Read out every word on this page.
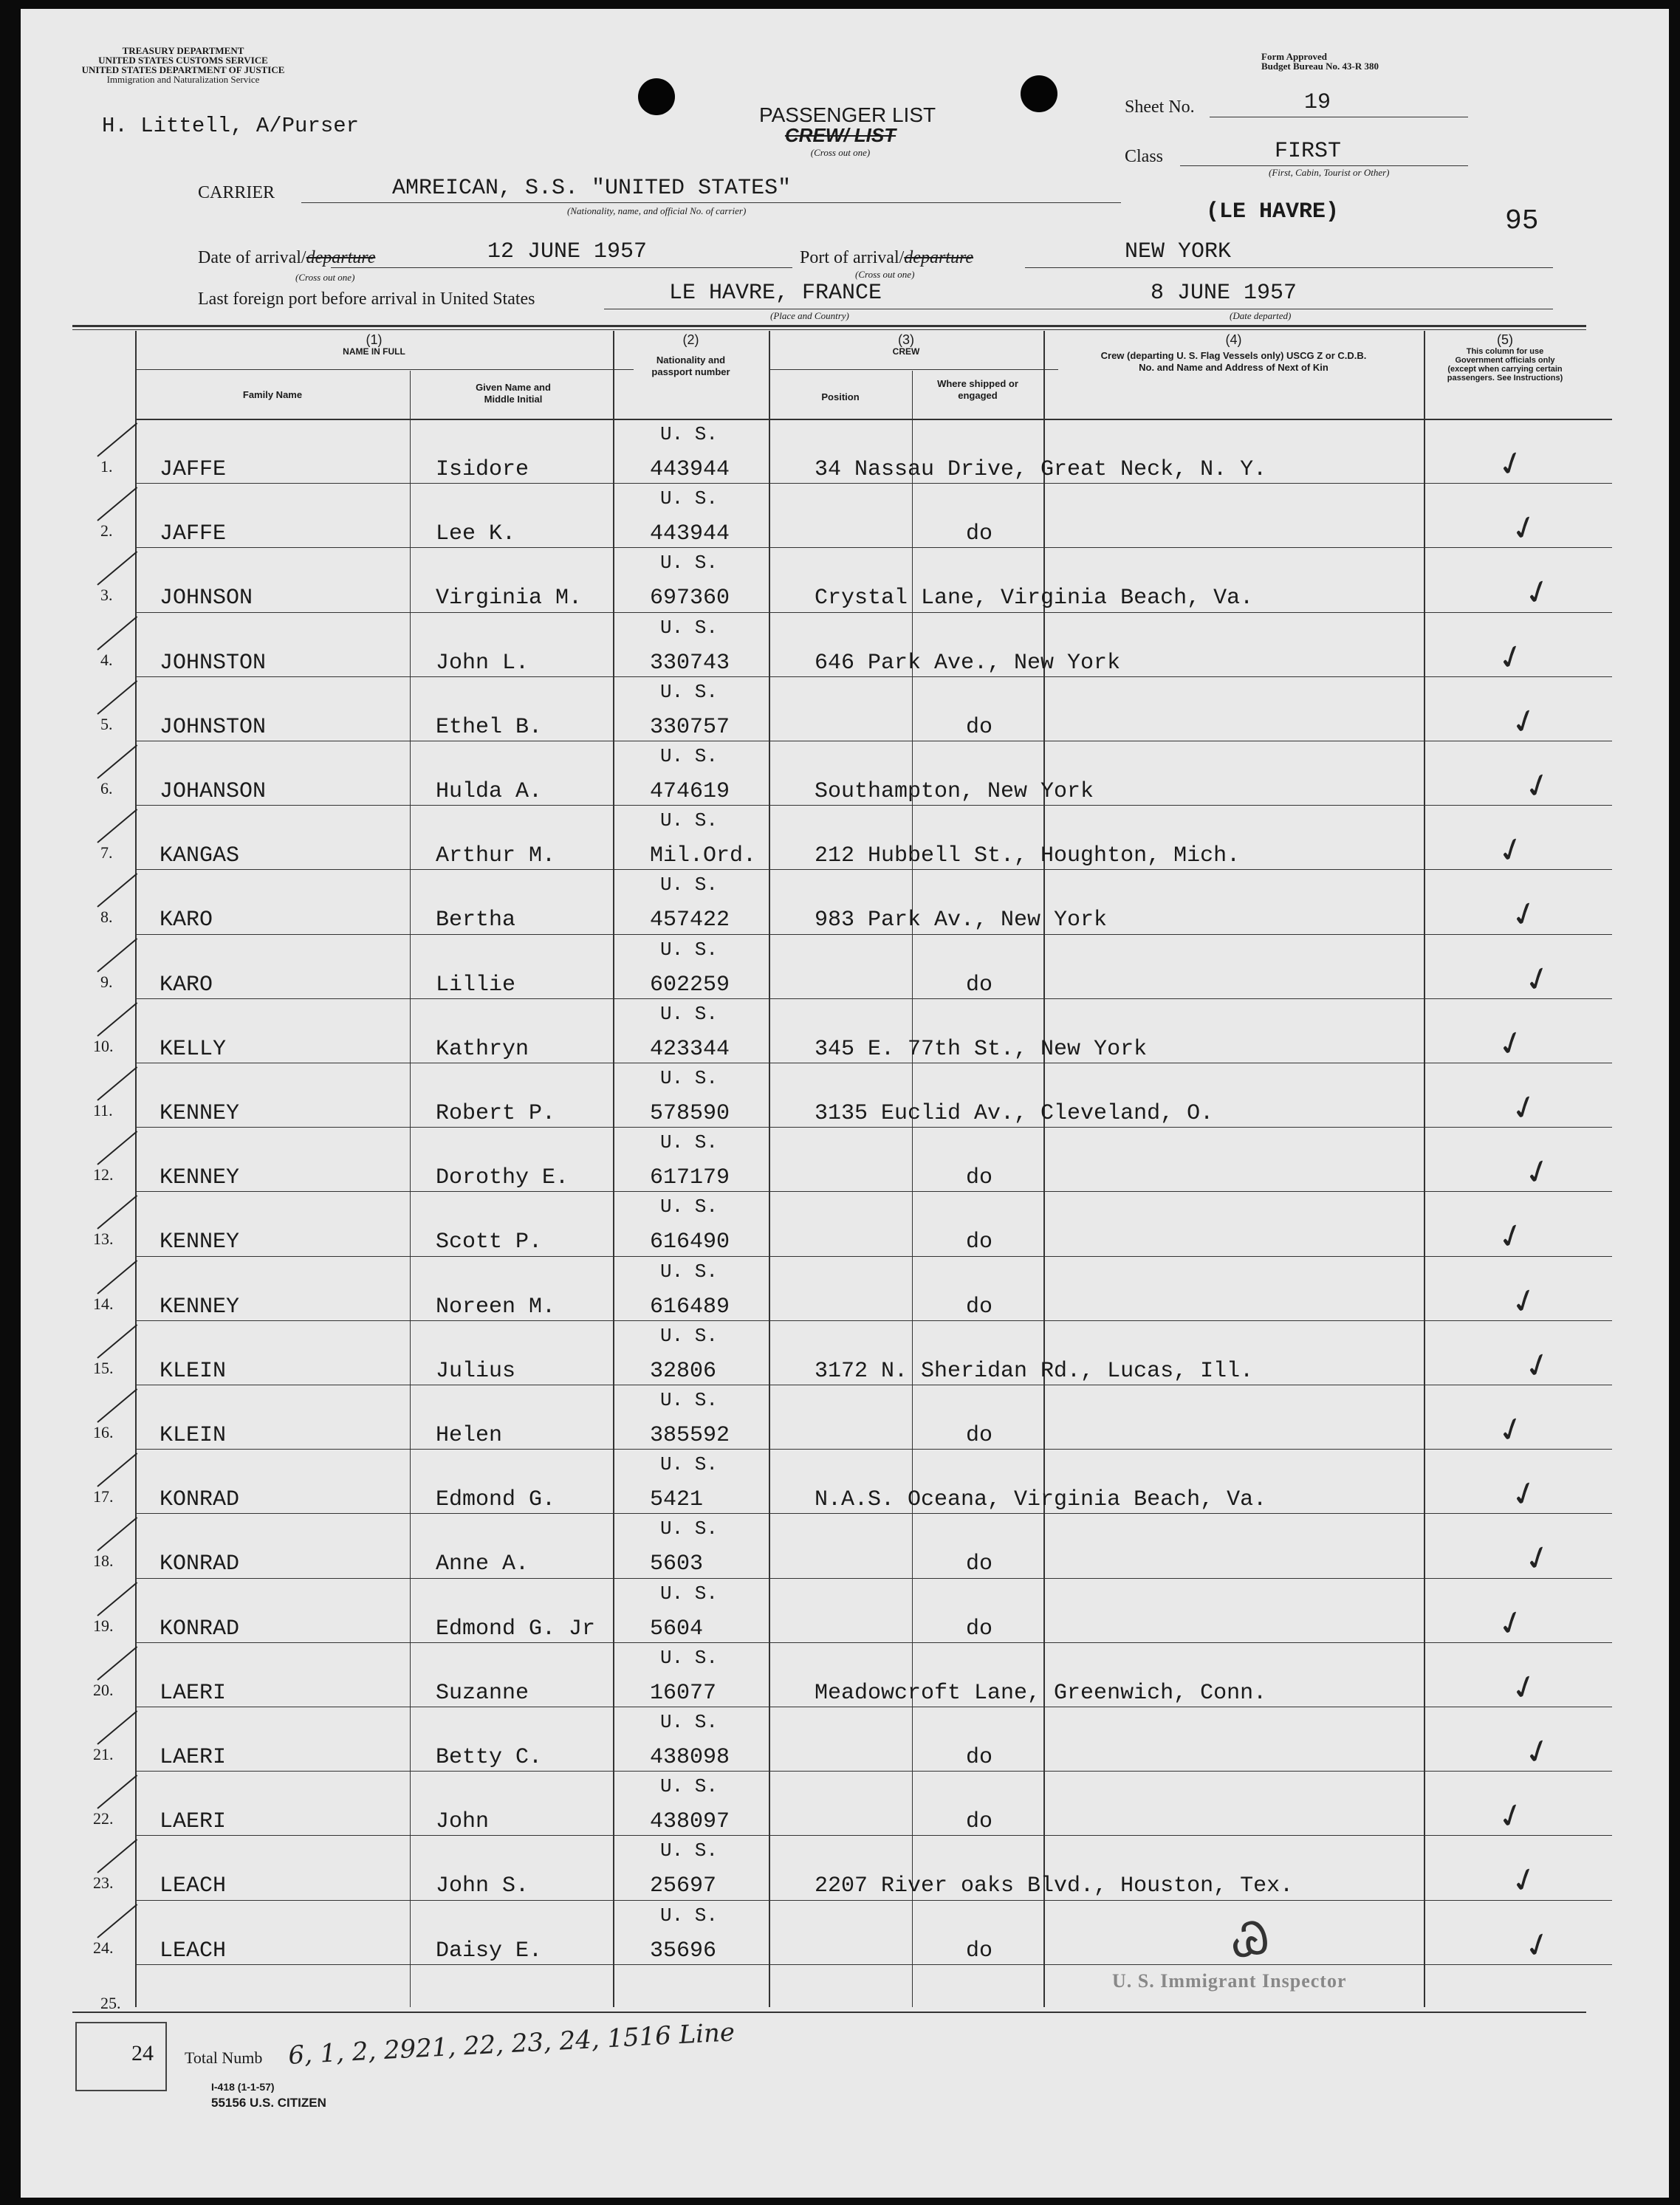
TREASURY DEPARTMENT
UNITED STATES CUSTOMS SERVICE
UNITED STATES DEPARTMENT OF JUSTICE
Immigration and Naturalization Service
Form Approved
Budget Bureau No. 43-R 380
H. Littell, A/Purser	PASSENGER LIST
CREW/ LIST
(Cross out one)
Sheet No.	19
Class	FIRST
(First, Cabin, Tourist or Other)
CARRIER	AMREICAN, S.S. "UNITED STATES"
(Nationality, name, and official No. of carrier)	(LE HAVRE)	95
Date of arrival/departure	12 JUNE 1957
(Cross out one)
Port of arrival/departure	NEW YORK
(Cross out one)
Last foreign port before arrival in United States	LE HAVRE, FRANCE
(Place and Country)
8 JUNE 1957
(Date departed)
(1)
NAME IN FULL
Family Name
Given Name and Middle Initial
(2)
Nationality and passport number
(3)
CREW
Position
Where shipped or engaged
(4)
Crew (departing U. S. Flag Vessels only) USCG Z or C.D.B. No. and Name and Address of Next of Kin
(5)
This column for use Government officials only (except when carrying certain passengers. See Instructions)
U. S.
1. JAFFE	Isidore	443944	34 Nassau Drive, Great Neck, N. Y.	✓
U. S.
2. JAFFE	Lee K.	443944	do	✓
U. S.
3. JOHNSON	Virginia M.	697360	Crystal Lane, Virginia Beach, Va.	✓
U. S.
4. JOHNSTON	John L.	330743	646 Park Ave., New York	✓
U. S.
5. JOHNSTON	Ethel B.	330757	do	✓
U. S.
6. JOHANSON	Hulda A.	474619	Southampton, New York	✓
U. S.
7. KANGAS	Arthur M.	Mil.Ord.	212 Hubbell St., Houghton, Mich.	✓
U. S.
8. KARO	Bertha	457422	983 Park Av., New York	✓
U. S.
9. KARO	Lillie	602259	do	✓
U. S.
10. KELLY	Kathryn	423344	345 E. 77th St., New York	✓
U. S.
11. KENNEY	Robert P.	578590	3135 Euclid Av., Cleveland, O.	✓
U. S.
12. KENNEY	Dorothy E.	617179	do	✓
U. S.
13. KENNEY	Scott P.	616490	do	✓
U. S.
14. KENNEY	Noreen M.	616489	do	✓
U. S.
15. KLEIN	Julius	32806	3172 N. Sheridan Rd., Lucas, Ill.	✓
U. S.
16. KLEIN	Helen	385592	do	✓
U. S.
17. KONRAD	Edmond G.	5421	N.A.S. Oceana, Virginia Beach, Va.	✓
U. S.
18. KONRAD	Anne A.	5603	do	✓
U. S.
19. KONRAD	Edmond G. Jr 5604	do	✓
U. S.
20. LAERI	Suzanne	16077	Meadowcroft Lane, Greenwich, Conn.	✓
U. S.
21. LAERI	Betty C.	438098	do	✓
U. S.
22. LAERI	John	438097	do	✓
U. S.
23. LEACH	John S.	25697	2207 River oaks Blvd., Houston, Tex.	✓
U. S.
24. LEACH	Daisy E.	35696	do	✓
25.
U. S. Immigrant Inspector
Ꮚ
24 Total Numb 6, 1, 2, 2921, 22, 23, 24, 1516 Line
I-418 (1-1-57)
55156 U.S. CITIZEN
